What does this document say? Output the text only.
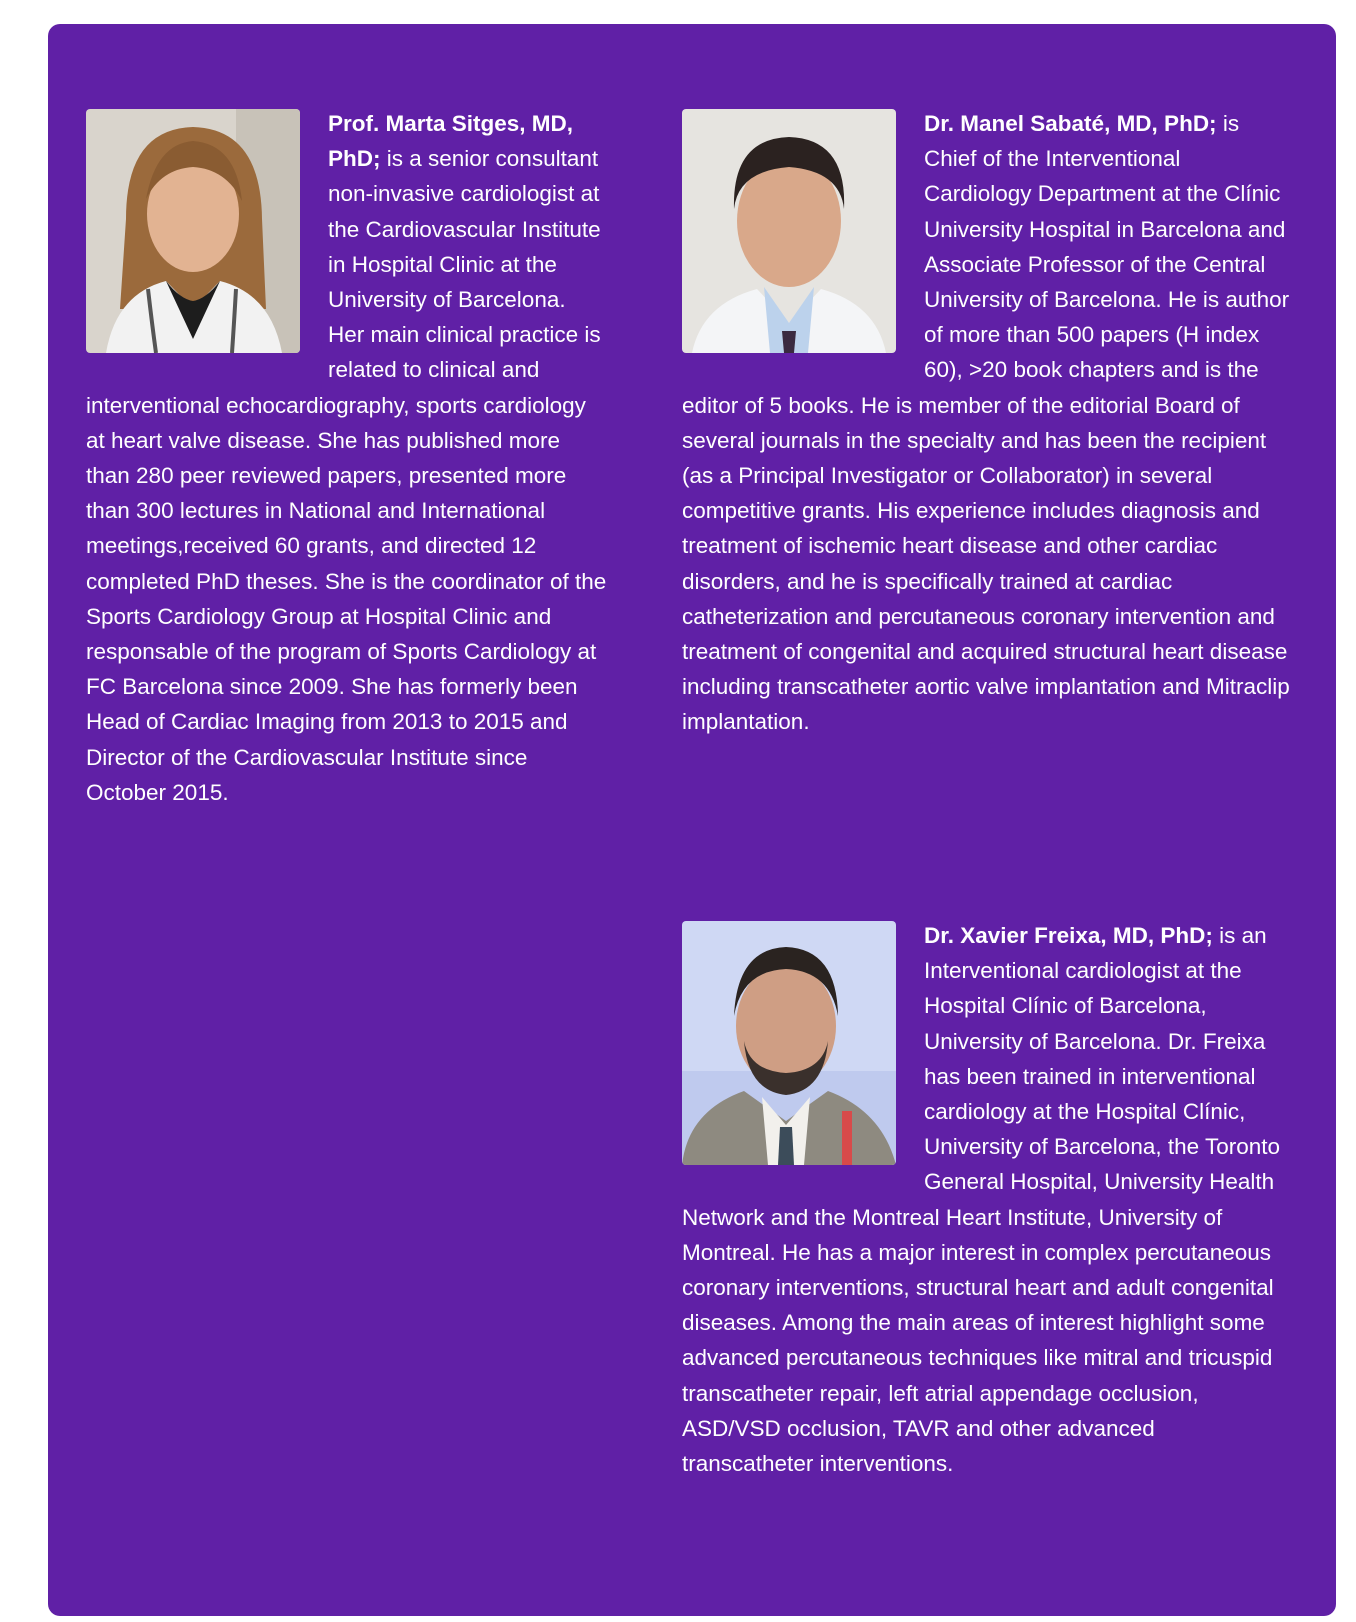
Prof. Marta Sitges, MD, PhD; is a senior consultant non-invasive cardiologist at the Cardiovascular Institute in Hospital Clinic at the University of Barcelona. Her main clinical practice is related to clinical and interventional echocardiography, sports cardiology at heart valve disease. She has published more than 280 peer reviewed papers, presented more than 300 lectures in National and International meetings,received 60 grants, and directed 12 completed PhD theses. She is the coordinator of the Sports Cardiology Group at Hospital Clinic and responsable of the program of Sports Cardiology at FC Barcelona since 2009. She has formerly been Head of Cardiac Imaging from 2013 to 2015 and Director of the Cardiovascular Institute since October 2015.

Dr. Manel Sabaté, MD, PhD; is Chief of the Interventional Cardiology Department at the Clínic University Hospital in Barcelona and Associate Professor of the Central University of Barcelona. He is author of more than 500 papers (H index 60), >20 book chapters and is the editor of 5 books. He is member of the editorial Board of several journals in the specialty and has been the recipient (as a Principal Investigator or Collaborator) in several competitive grants. His experience includes diagnosis and treatment of ischemic heart disease and other cardiac disorders, and he is specifically trained at cardiac catheterization and percutaneous coronary intervention and treatment of congenital and acquired structural heart disease including transcatheter aortic valve implantation and Mitraclip implantation.

Dr. Xavier Freixa, MD, PhD; is an Interventional cardiologist at the Hospital Clínic of Barcelona, University of Barcelona. Dr. Freixa has been trained in interventional cardiology at the Hospital Clínic, University of Barcelona, the Toronto General Hospital, University Health Network and the Montreal Heart Institute, University of Montreal. He has a major interest in complex percutaneous coronary interventions, structural heart and adult congenital diseases. Among the main areas of interest highlight some advanced percutaneous techniques like mitral and tricuspid transcatheter repair, left atrial appendage occlusion, ASD/VSD occlusion, TAVR and other advanced transcatheter interventions.
